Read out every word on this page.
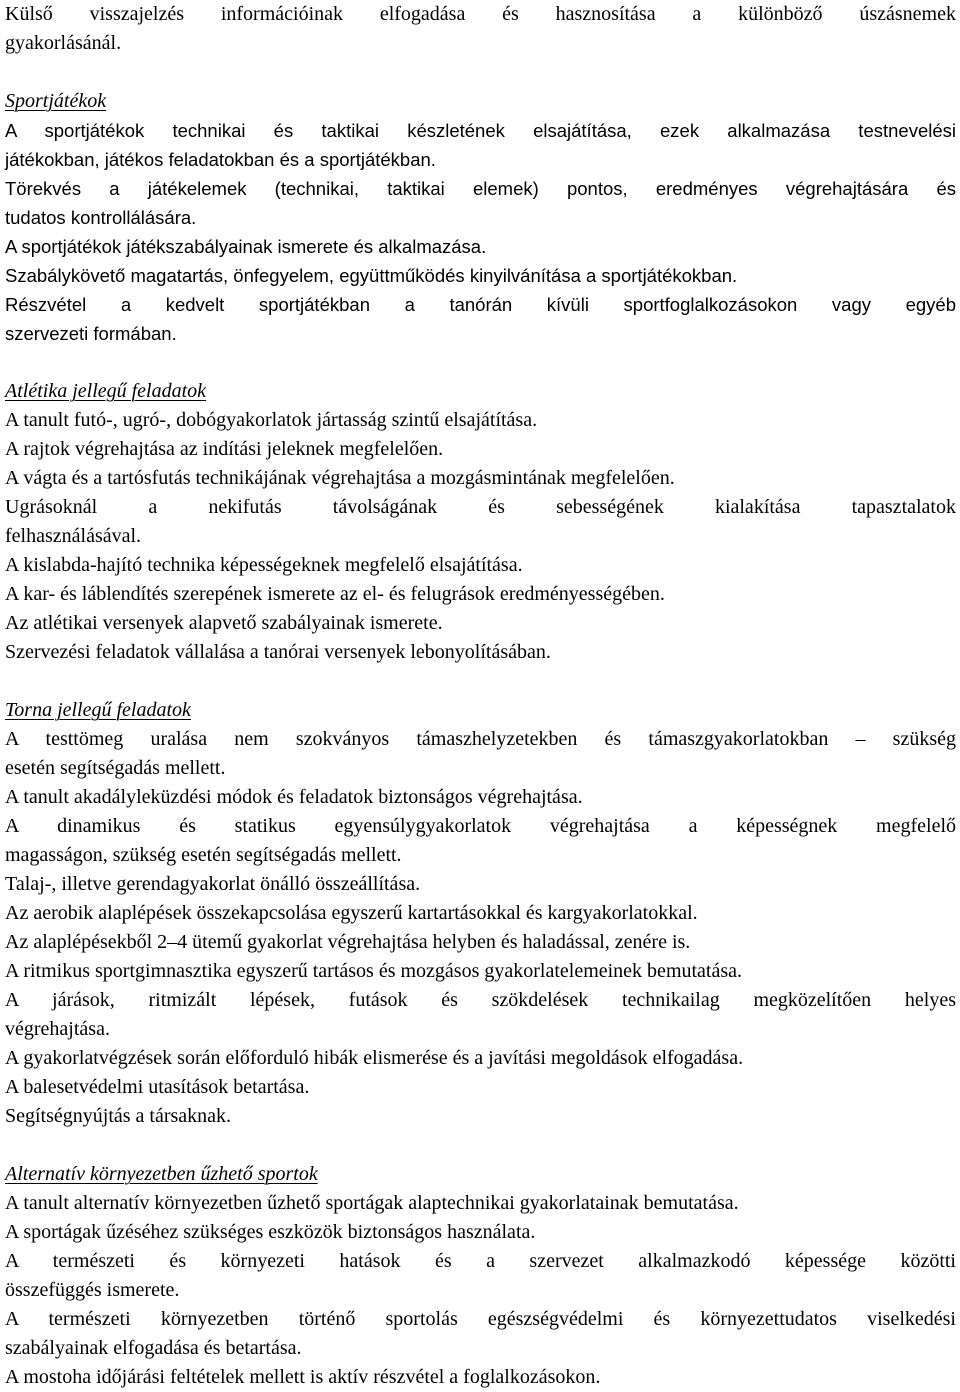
Külső visszajelzés információinak elfogadása és hasznosítása a különböző úszásnemek
gyakorlásánál.
Sportjátékok
A sportjátékok technikai és taktikai készletének elsajátítása, ezek alkalmazása testnevelési
játékokban, játékos feladatokban és a sportjátékban.
Törekvés a játékelemek (technikai, taktikai elemek) pontos, eredményes végrehajtására és
tudatos kontrollálására.
A sportjátékok játékszabályainak ismerete és alkalmazása.
Szabálykövető magatartás, önfegyelem, együttműködés kinyilvánítása a sportjátékokban.
Részvétel a kedvelt sportjátékban a tanórán kívüli sportfoglalkozásokon vagy egyéb
szervezeti formában.
Atlétika jellegű feladatok
A tanult futó-, ugró-, dobógyakorlatok jártasság szintű elsajátítása.
A rajtok végrehajtása az indítási jeleknek megfelelően.
A vágta és a tartósfutás technikájának végrehajtása a mozgásmintának megfelelően.
Ugrásoknál a nekifutás távolságának és sebességének kialakítása tapasztalatok
felhasználásával.
A kislabda-hajító technika képességeknek megfelelő elsajátítása.
A kar- és láblendítés szerepének ismerete az el- és felugrások eredményességében.
Az atlétikai versenyek alapvető szabályainak ismerete.
Szervezési feladatok vállalása a tanórai versenyek lebonyolításában.
Torna jellegű feladatok
A testtömeg uralása nem szokványos támaszhelyzetekben és támaszgyakorlatokban – szükség
esetén segítségadás mellett.
A tanult akadályleküzdési módok és feladatok biztonságos végrehajtása.
A dinamikus és statikus egyensúlygyakorlatok végrehajtása a képességnek megfelelő
magasságon, szükség esetén segítségadás mellett.
Talaj-, illetve gerendagyakorlat önálló összeállítása.
Az aerobik alaplépések összekapcsolása egyszerű kartartásokkal és kargyakorlatokkal.
Az alaplépésekből 2–4 ütemű gyakorlat végrehajtása helyben és haladással, zenére is.
A ritmikus sportgimnasztika egyszerű tartásos és mozgásos gyakorlatelemeinek bemutatása.
A járások, ritmizált lépések, futások és szökdelések technikailag megközelítően helyes
végrehajtása.
A gyakorlatvégzések során előforduló hibák elismerése és a javítási megoldások elfogadása.
A balesetvédelmi utasítások betartása.
Segítségnyújtás a társaknak.
Alternatív környezetben űzhető sportok
A tanult alternatív környezetben űzhető sportágak alaptechnikai gyakorlatainak bemutatása.
A sportágak űzéséhez szükséges eszközök biztonságos használata.
A természeti és környezeti hatások és a szervezet alkalmazkodó képessége közötti
összefüggés ismerete.
A természeti környezetben történő sportolás egészségvédelmi és környezettudatos viselkedési
szabályainak elfogadása és betartása.
A mostoha időjárási feltételek mellett is aktív részvétel a foglalkozásokon.
